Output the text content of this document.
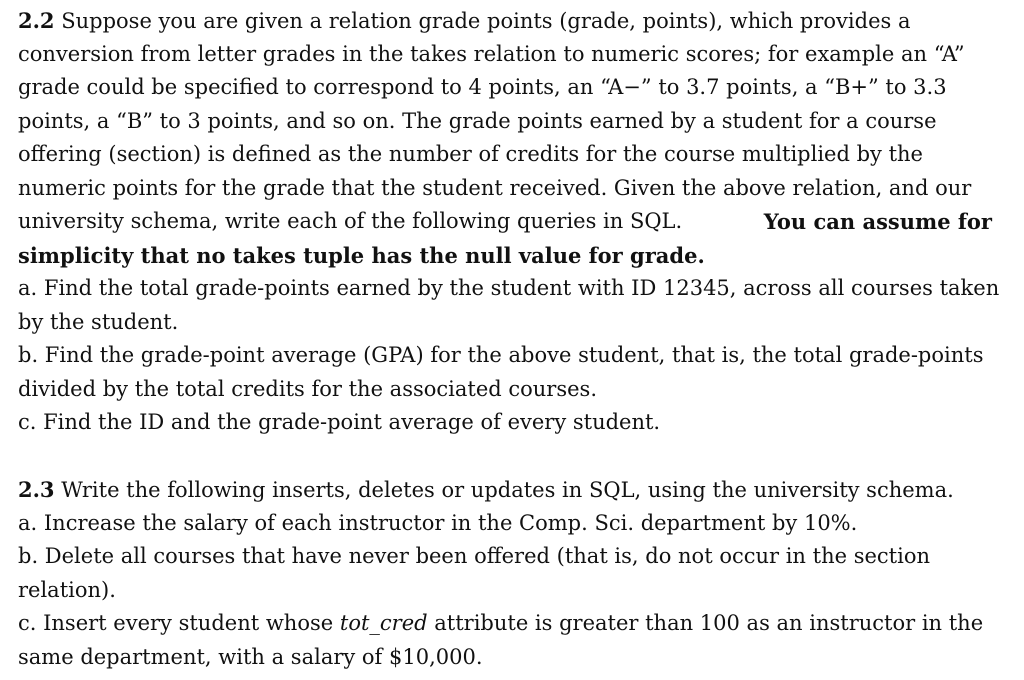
2.2 Suppose you are given a relation grade points (grade, points), which provides a
conversion from letter grades in the takes relation to numeric scores; for example an “A”
grade could be specified to correspond to 4 points, an “A−” to 3.7 points, a “B+” to 3.3
points, a “B” to 3 points, and so on. The grade points earned by a student for a course
offering (section) is defined as the number of credits for the course multiplied by the
numeric points for the grade that the student received. Given the above relation, and our
university schema, write each of the following queries in SQL.	You can assume for
simplicity that no takes tuple has the null value for grade.
a. Find the total grade-points earned by the student with ID 12345, across all courses taken
by the student.
b. Find the grade-point average (GPA) for the above student, that is, the total grade-points
divided by the total credits for the associated courses.
c. Find the ID and the grade-point average of every student.
2.3 Write the following inserts, deletes or updates in SQL, using the university schema.
a. Increase the salary of each instructor in the Comp. Sci. department by 10%.
b. Delete all courses that have never been offered (that is, do not occur in the section
relation).
c. Insert every student whose tot_cred attribute is greater than 100 as an instructor in the
same department, with a salary of $10,000.
